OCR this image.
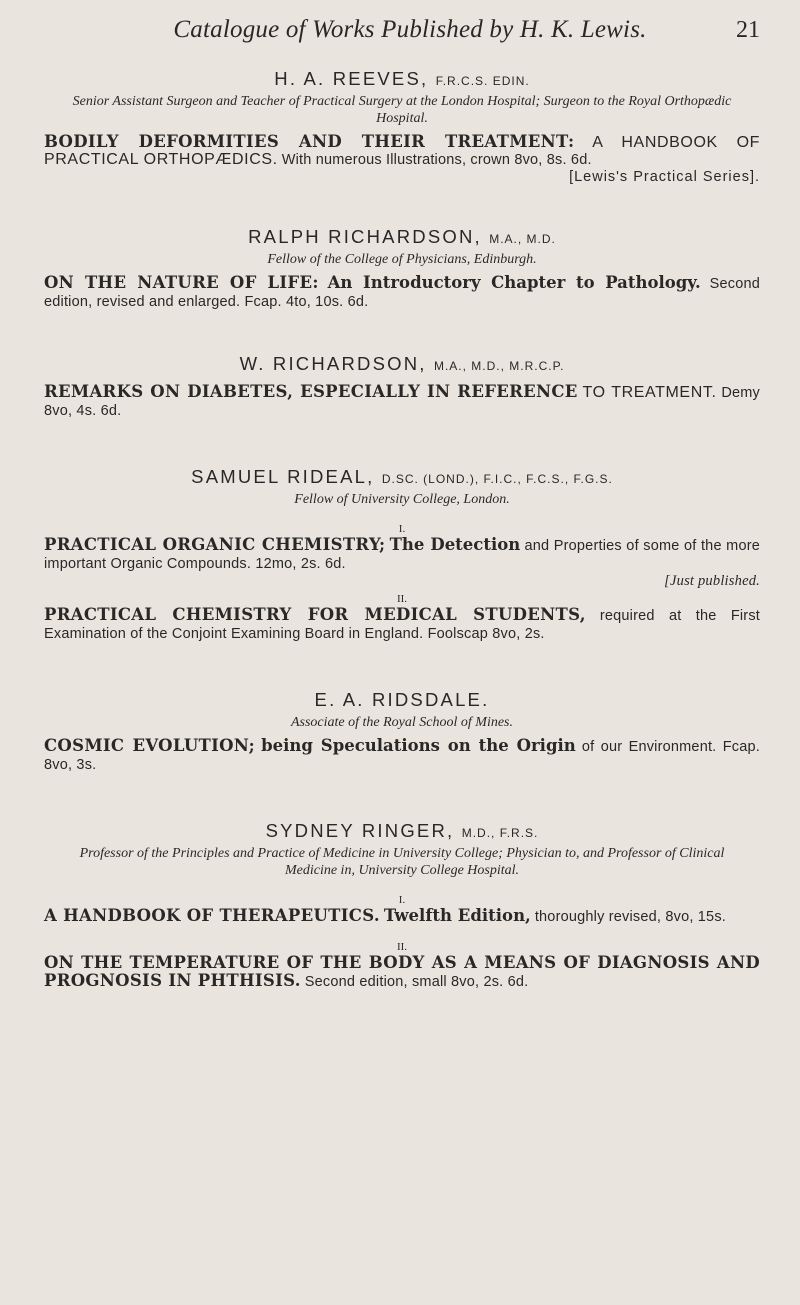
Catalogue of Works Published by H. K. Lewis.	21
H. A. REEVES, F.R.C.S. EDIN.
Senior Assistant Surgeon and Teacher of Practical Surgery at the London Hospital; Surgeon to the Royal Orthopædic Hospital.
BODILY DEFORMITIES AND THEIR TREATMENT: A HANDBOOK OF PRACTICAL ORTHOPÆDICS. With numerous Illustrations, crown 8vo, 8s. 6d.
[Lewis's Practical Series].
RALPH RICHARDSON, M.A., M.D.
Fellow of the College of Physicians, Edinburgh.
ON THE NATURE OF LIFE: An Introductory Chapter to Pathology. Second edition, revised and enlarged. Fcap. 4to, 10s. 6d.
W. RICHARDSON, M.A., M.D., M.R.C.P.
REMARKS ON DIABETES, ESPECIALLY IN REFERENCE TO TREATMENT. Demy 8vo, 4s. 6d.
SAMUEL RIDEAL, D.SC. (LOND.), F.I.C., F.C.S., F.G.S.
Fellow of University College, London.
I.
PRACTICAL ORGANIC CHEMISTRY; The Detection and Properties of some of the more important Organic Compounds. 12mo, 2s. 6d.
[Just published.
II.
PRACTICAL CHEMISTRY FOR MEDICAL STUDENTS, required at the First Examination of the Conjoint Examining Board in England. Foolscap 8vo, 2s.
E. A. RIDSDALE.
Associate of the Royal School of Mines.
COSMIC EVOLUTION; being Speculations on the Origin of our Environment. Fcap. 8vo, 3s.
SYDNEY RINGER, M.D., F.R.S.
Professor of the Principles and Practice of Medicine in University College; Physician to, and Professor of Clinical Medicine in, University College Hospital.
I.
A HANDBOOK OF THERAPEUTICS. Twelfth Edition, thoroughly revised, 8vo, 15s.
II.
ON THE TEMPERATURE OF THE BODY AS A MEANS OF DIAGNOSIS AND PROGNOSIS IN PHTHISIS. Second edition, small 8vo, 2s. 6d.
